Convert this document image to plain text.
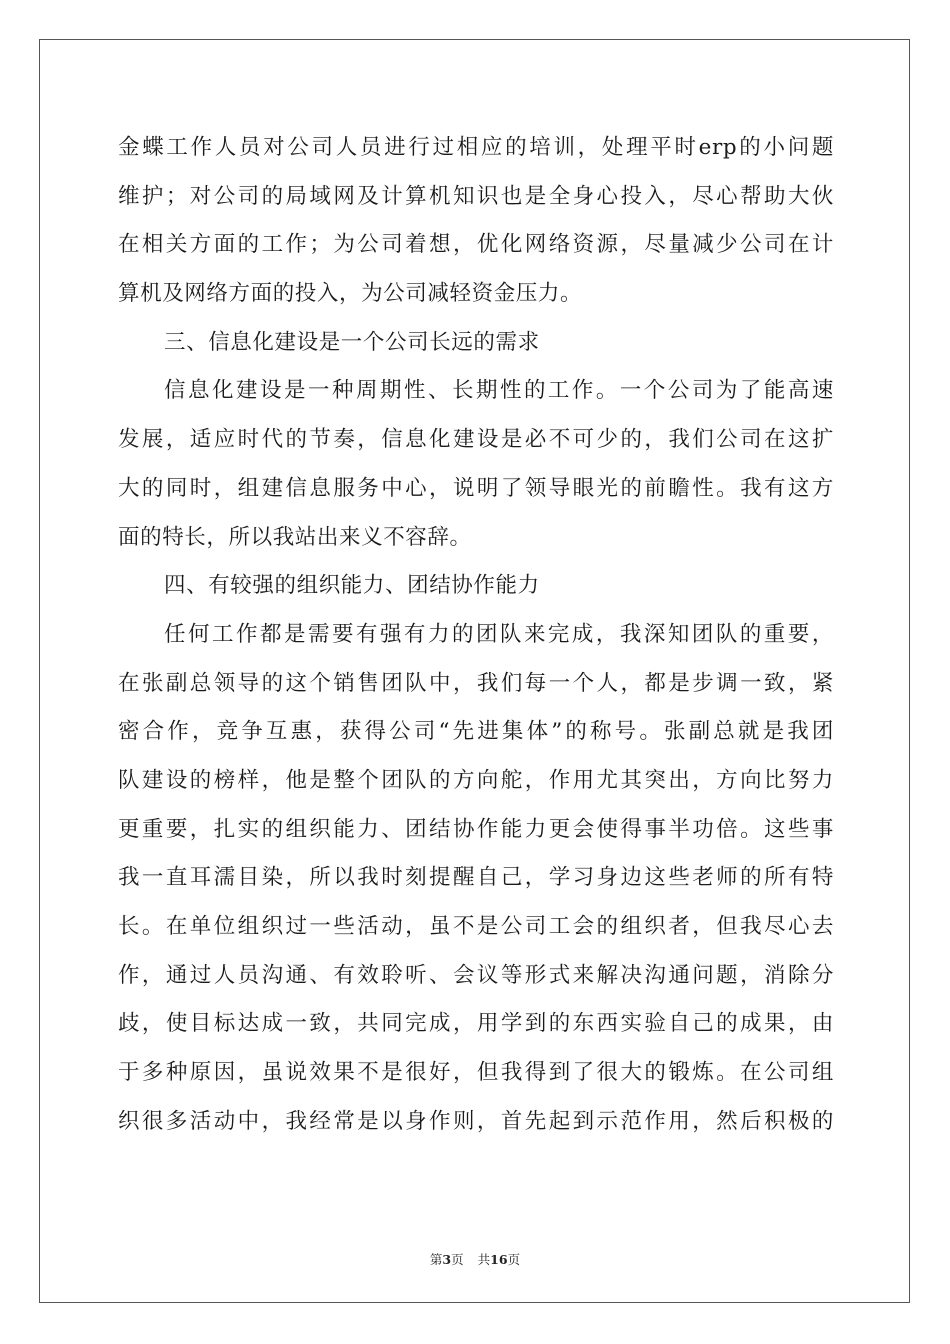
金蝶工作人员对公司人员进行过相应的培训，处理平时erp的小问题
维护；对公司的局域网及计算机知识也是全身心投入，尽心帮助大伙
在相关方面的工作；为公司着想，优化网络资源，尽量减少公司在计
算机及网络方面的投入，为公司减轻资金压力。
三、信息化建设是一个公司长远的需求
信息化建设是一种周期性、长期性的工作。一个公司为了能高速
发展，适应时代的节奏，信息化建设是必不可少的，我们公司在这扩
大的同时，组建信息服务中心，说明了领导眼光的前瞻性。我有这方
面的特长，所以我站出来义不容辞。
四、有较强的组织能力、团结协作能力
任何工作都是需要有强有力的团队来完成，我深知团队的重要，
在张副总领导的这个销售团队中，我们每一个人，都是步调一致，紧
密合作，竞争互惠，获得公司“先进集体”的称号。张副总就是我团
队建设的榜样，他是整个团队的方向舵，作用尤其突出，方向比努力
更重要，扎实的组织能力、团结协作能力更会使得事半功倍。这些事
我一直耳濡目染，所以我时刻提醒自己，学习身边这些老师的所有特
长。在单位组织过一些活动，虽不是公司工会的组织者，但我尽心去
作，通过人员沟通、有效聆听、会议等形式来解决沟通问题，消除分
歧，使目标达成一致，共同完成，用学到的东西实验自己的成果，由
于多种原因，虽说效果不是很好，但我得到了很大的锻炼。在公司组
织很多活动中，我经常是以身作则，首先起到示范作用，然后积极的
第3页 共16页
